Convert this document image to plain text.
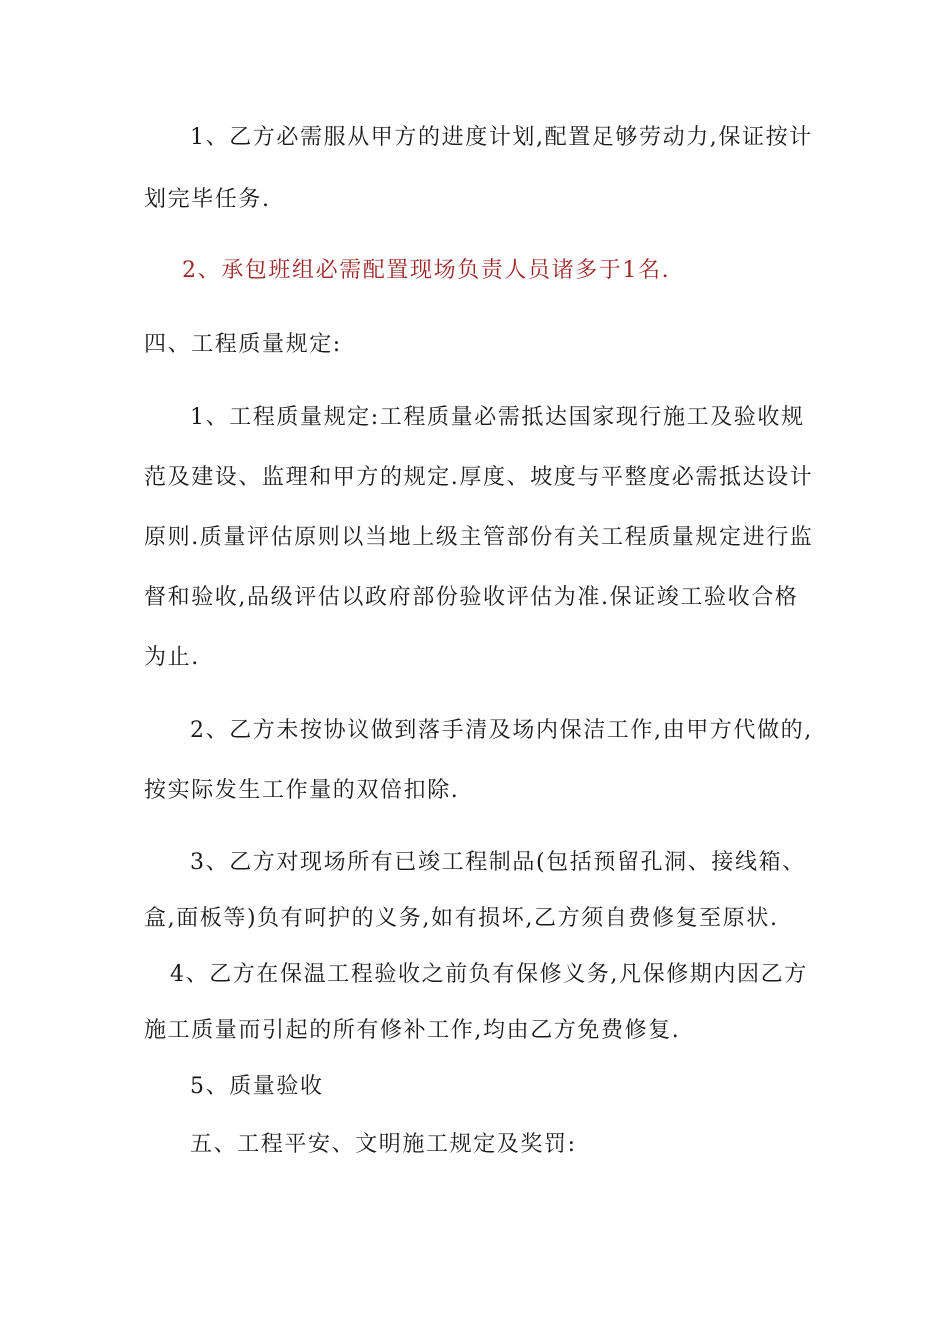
1、乙方必需服从甲方的进度计划,配置足够劳动力,保证按计
划完毕任务.
2、承包班组必需配置现场负责人员诸多于1名.
四、工程质量规定:
1、工程质量规定:工程质量必需抵达国家现行施工及验收规
范及建设、监理和甲方的规定.厚度、坡度与平整度必需抵达设计
原则.质量评估原则以当地上级主管部份有关工程质量规定进行监
督和验收,品级评估以政府部份验收评估为准.保证竣工验收合格
为止.
2、乙方未按协议做到落手清及场内保洁工作,由甲方代做的,
按实际发生工作量的双倍扣除.
3、乙方对现场所有已竣工程制品(包括预留孔洞、接线箱、
盒,面板等)负有呵护的义务,如有损坏,乙方须自费修复至原状.
4、乙方在保温工程验收之前负有保修义务,凡保修期内因乙方
施工质量而引起的所有修补工作,均由乙方免费修复.
5、质量验收
五、工程平安、文明施工规定及奖罚:
